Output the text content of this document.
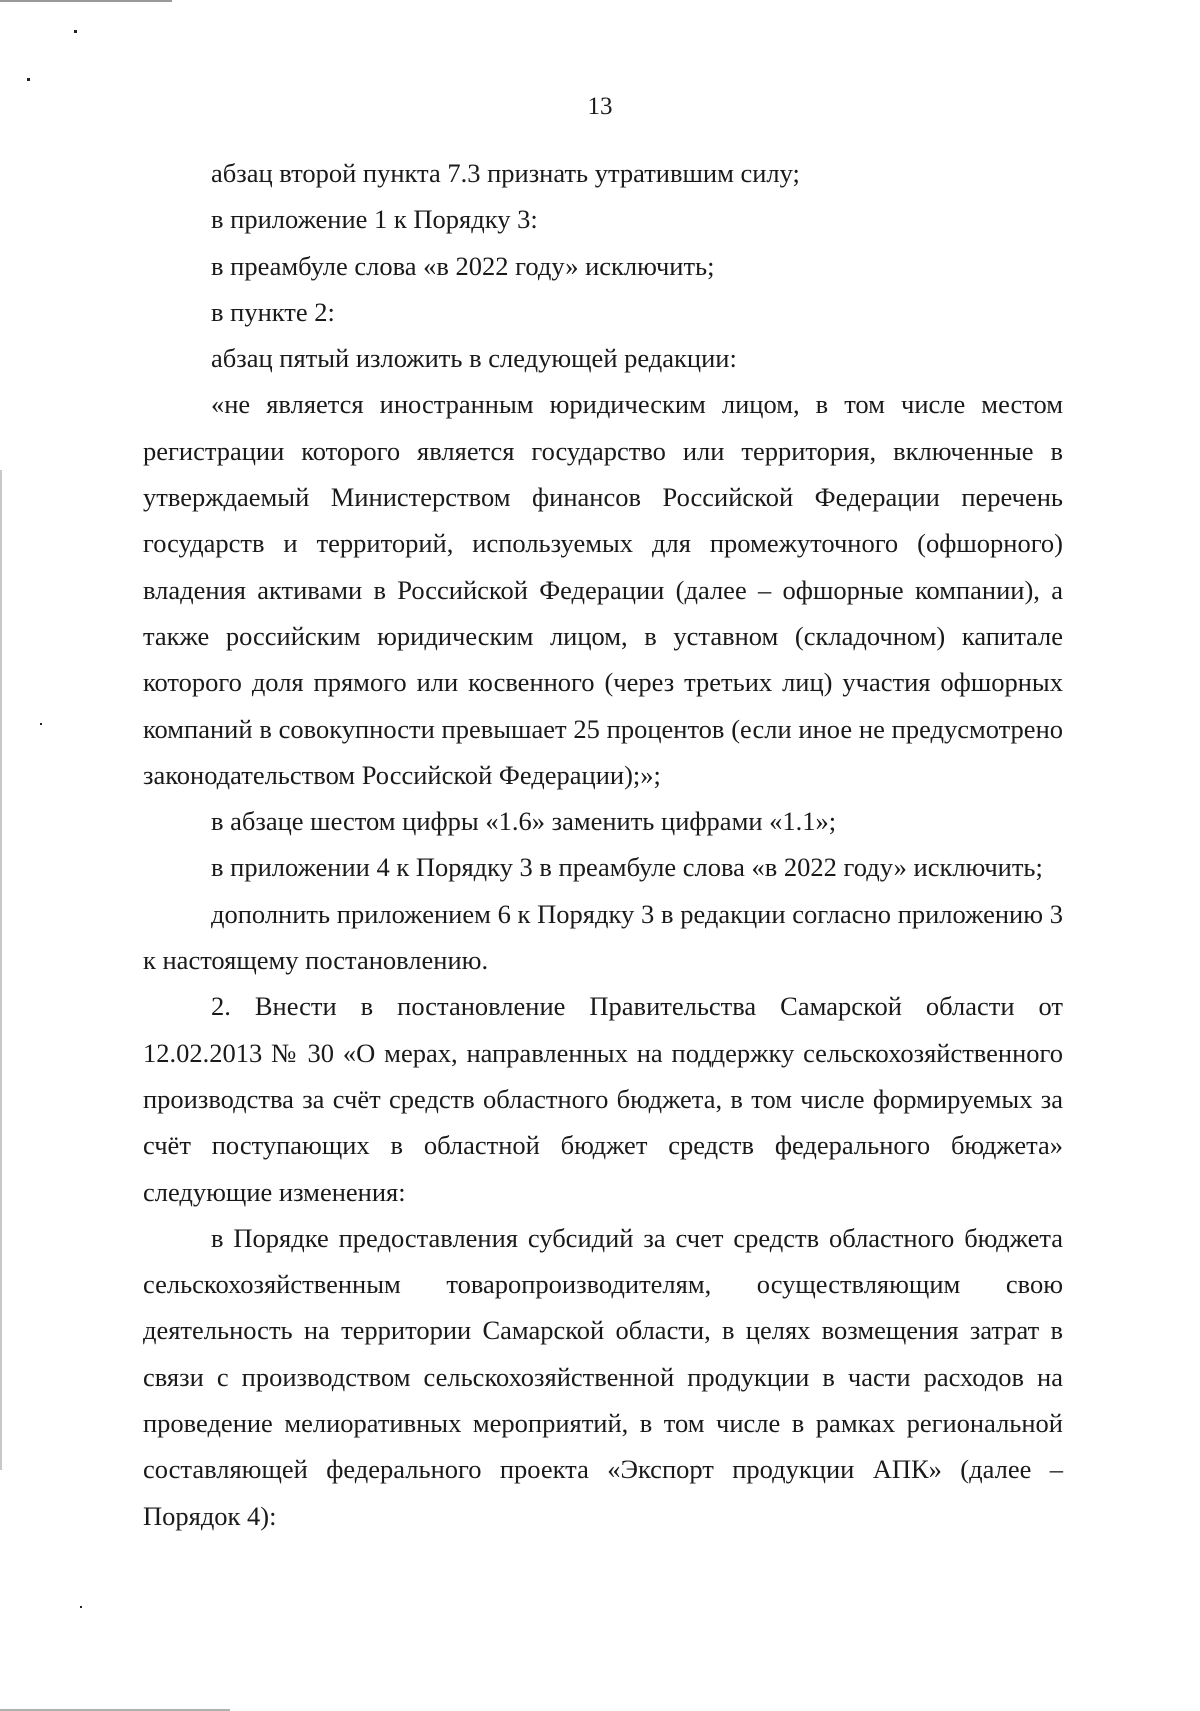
13

абзац второй пункта 7.3 признать утратившим силу;

в приложение 1 к Порядку 3:

в преамбуле слова «в 2022 году» исключить;

в пункте 2:

абзац пятый изложить в следующей редакции:

«не является иностранным юридическим лицом, в том числе местом регистрации которого является государство или территория, включенные в утверждаемый Министерством финансов Российской Федерации перечень государств и территорий, используемых для промежуточного (офшорного) владения активами в Российской Федерации (далее – офшорные компании), а также российским юридическим лицом, в уставном (складочном) капитале которого доля прямого или косвенного (через третьих лиц) участия офшорных компаний в совокупности превышает 25 процентов (если иное не предусмотрено законодательством Российской Федерации);»;

в абзаце шестом цифры «1.6» заменить цифрами «1.1»;

в приложении 4 к Порядку 3 в преамбуле слова «в 2022 году» исключить;

дополнить приложением 6 к Порядку 3 в редакции согласно приложению 3 к настоящему постановлению.

2. Внести в постановление Правительства Самарской области от 12.02.2013 № 30 «О мерах, направленных на поддержку сельскохозяйственного производства за счёт средств областного бюджета, в том числе формируемых за счёт поступающих в областной бюджет средств федерального бюджета» следующие изменения:

в Порядке предоставления субсидий за счет средств областного бюджета сельскохозяйственным товаропроизводителям, осуществляющим свою деятельность на территории Самарской области, в целях возмещения затрат в связи с производством сельскохозяйственной продукции в части расходов на проведение мелиоративных мероприятий, в том числе в рамках региональной составляющей федерального проекта «Экспорт продукции АПК» (далее – Порядок 4):
